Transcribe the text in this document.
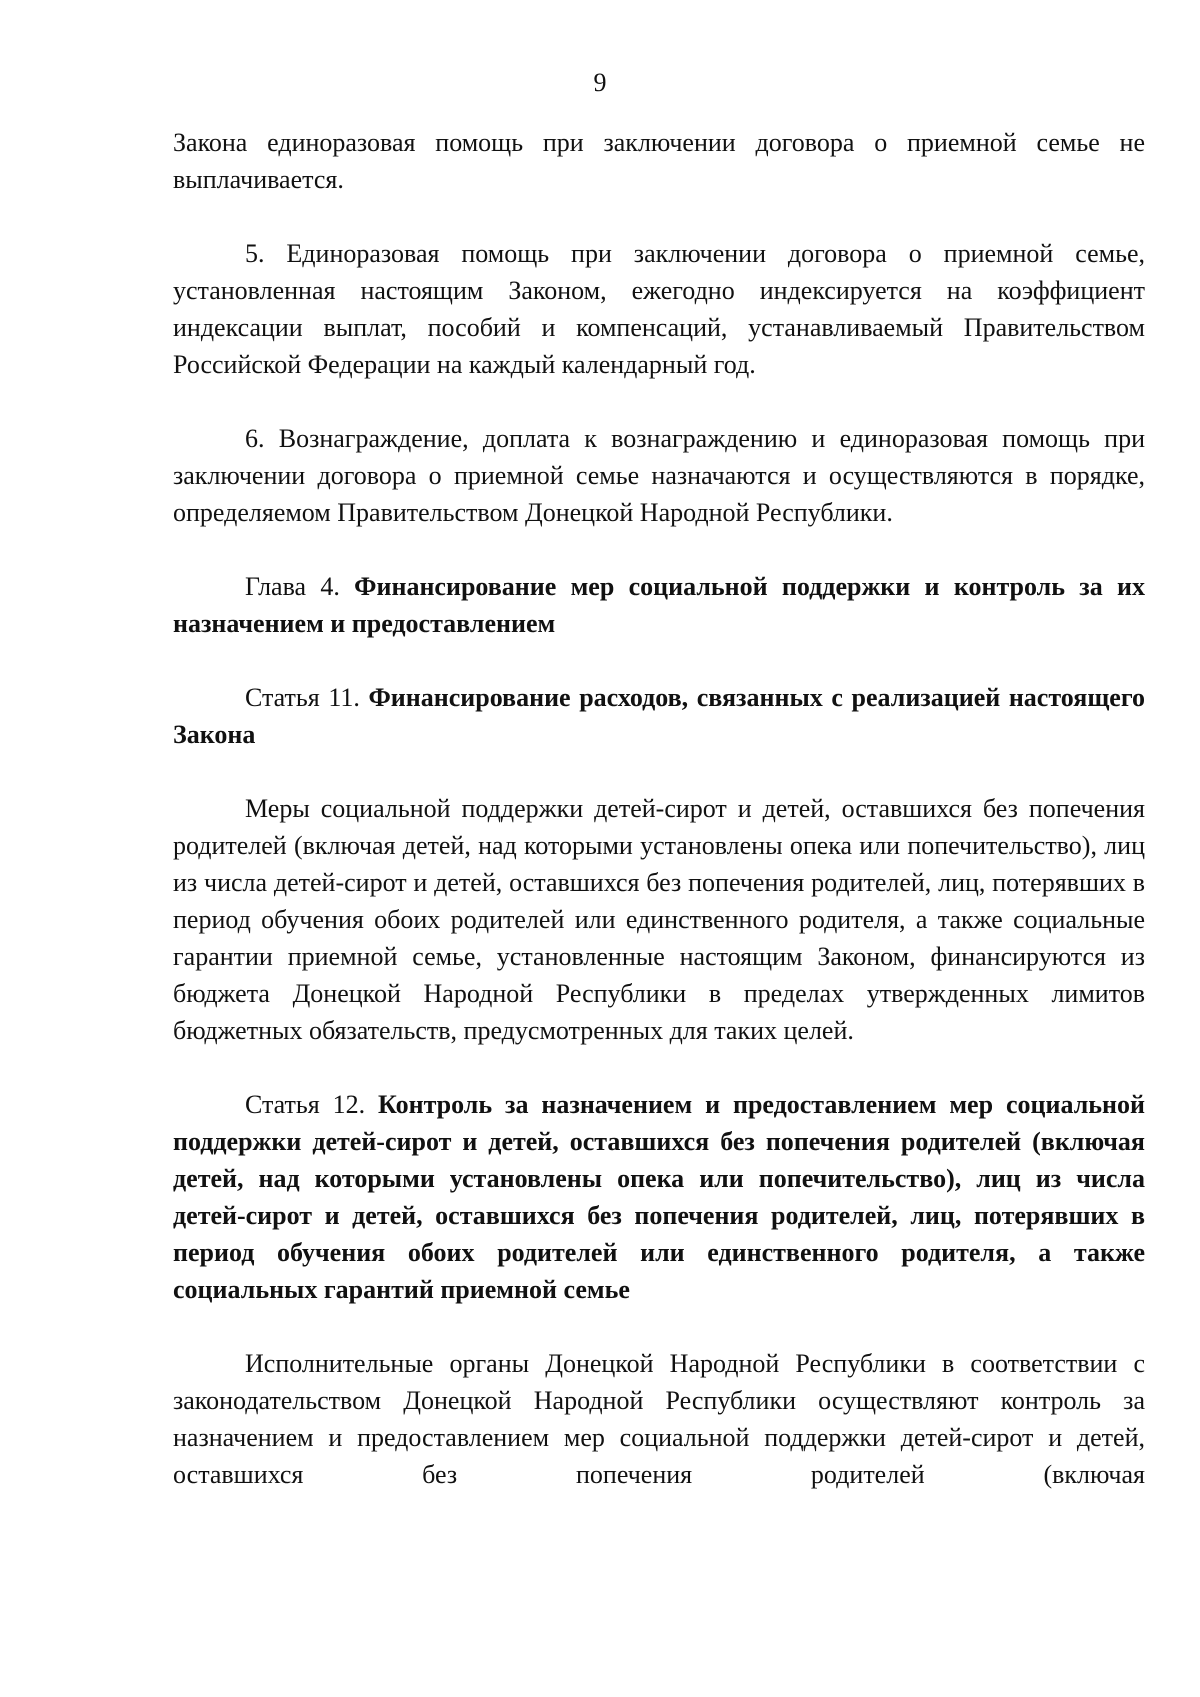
9

Закона единоразовая помощь при заключении договора о приемной семье не выплачивается.

5. Единоразовая помощь при заключении договора о приемной семье, установленная настоящим Законом, ежегодно индексируется на коэффициент индексации выплат, пособий и компенсаций, устанавливаемый Правительством Российской Федерации на каждый календарный год.

6. Вознаграждение, доплата к вознаграждению и единоразовая помощь при заключении договора о приемной семье назначаются и осуществляются в порядке, определяемом Правительством Донецкой Народной Республики.

Глава 4. Финансирование мер социальной поддержки и контроль за их назначением и предоставлением

Статья 11. Финансирование расходов, связанных с реализацией настоящего Закона

Меры социальной поддержки детей-сирот и детей, оставшихся без попечения родителей (включая детей, над которыми установлены опека или попечительство), лиц из числа детей-сирот и детей, оставшихся без попечения родителей, лиц, потерявших в период обучения обоих родителей или единственного родителя, а также социальные гарантии приемной семье, установленные настоящим Законом, финансируются из бюджета Донецкой Народной Республики в пределах утвержденных лимитов бюджетных обязательств, предусмотренных для таких целей.

Статья 12. Контроль за назначением и предоставлением мер социальной поддержки детей-сирот и детей, оставшихся без попечения родителей (включая детей, над которыми установлены опека или попечительство), лиц из числа детей-сирот и детей, оставшихся без попечения родителей, лиц, потерявших в период обучения обоих родителей или единственного родителя, а также социальных гарантий приемной семье

Исполнительные органы Донецкой Народной Республики в соответствии с законодательством Донецкой Народной Республики осуществляют контроль за назначением и предоставлением мер социальной поддержки детей-сирот и детей, оставшихся без попечения родителей (включая
